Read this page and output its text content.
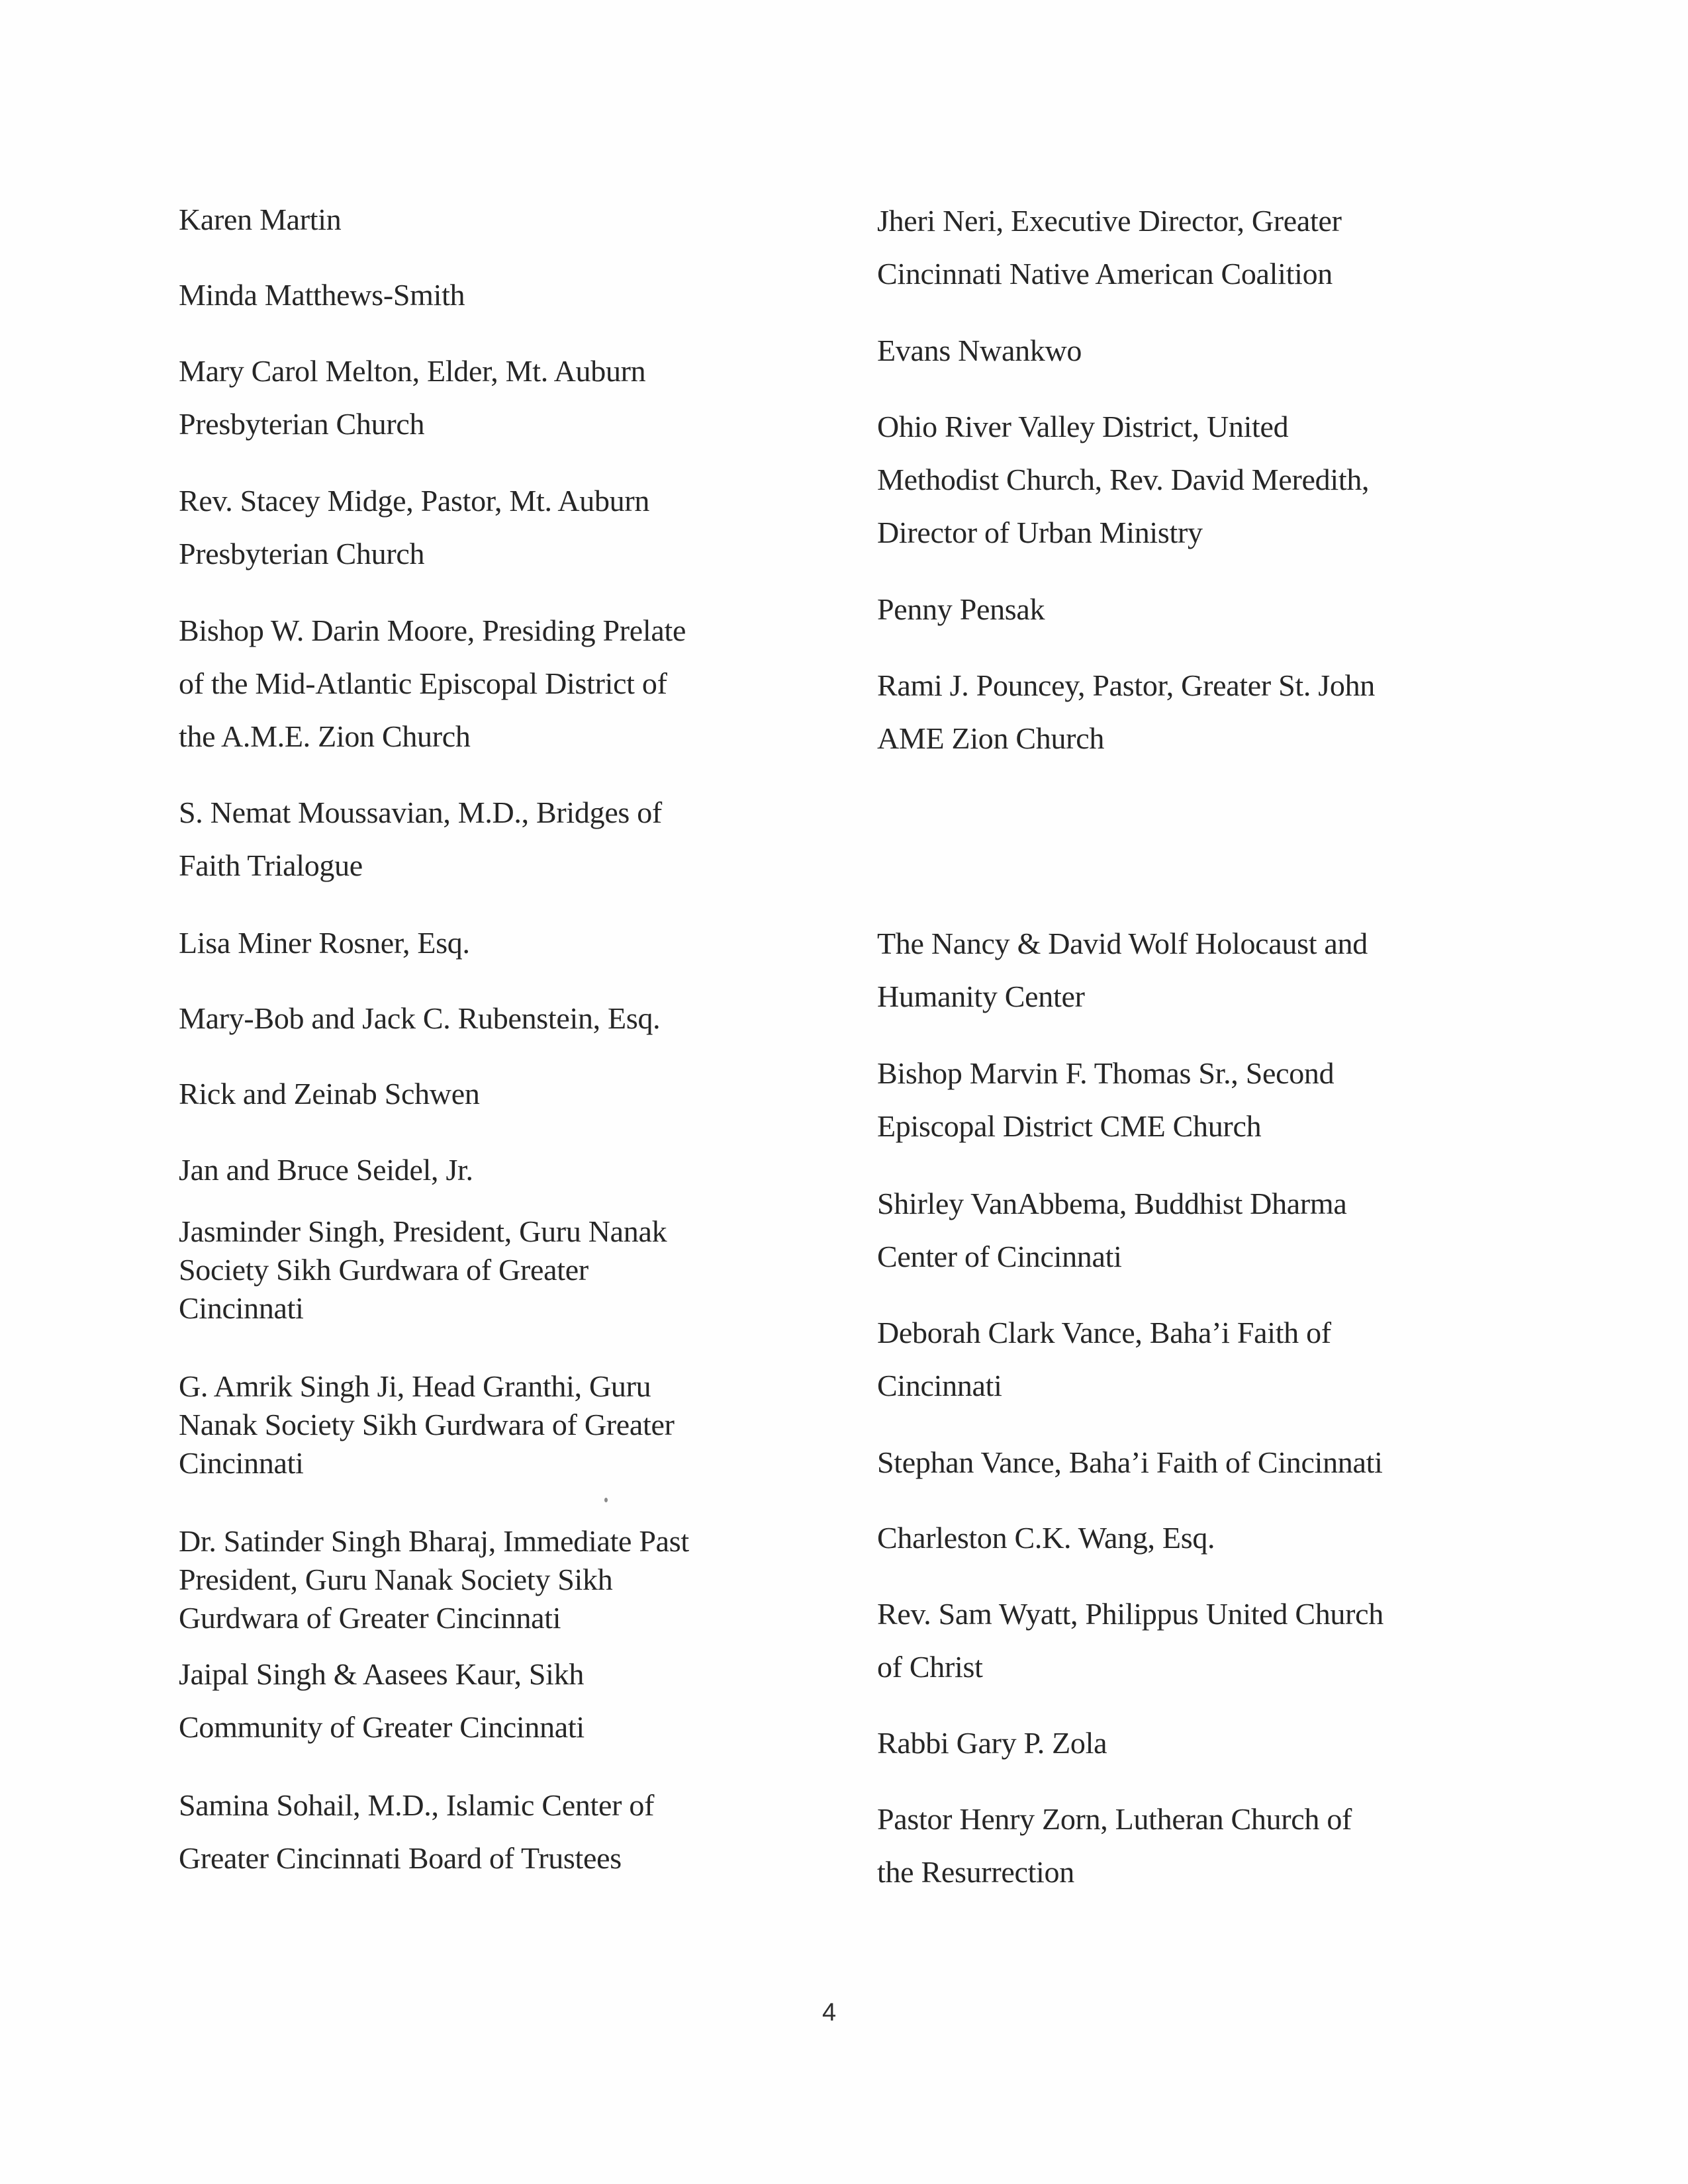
Karen Martin
Minda Matthews-Smith
Mary Carol Melton, Elder, Mt. Auburn
Presbyterian Church
Rev. Stacey Midge, Pastor, Mt. Auburn
Presbyterian Church
Bishop W. Darin Moore, Presiding Prelate
of the Mid-Atlantic Episcopal District of
the A.M.E. Zion Church
S. Nemat Moussavian, M.D., Bridges of
Faith Trialogue
Lisa Miner Rosner, Esq.
Mary-Bob and Jack C. Rubenstein, Esq.
Rick and Zeinab Schwen
Jan and Bruce Seidel, Jr.
Jasminder Singh, President, Guru Nanak
Society Sikh Gurdwara of Greater
Cincinnati
G. Amrik Singh Ji, Head Granthi, Guru
Nanak Society Sikh Gurdwara of Greater
Cincinnati
Dr. Satinder Singh Bharaj, Immediate Past
President, Guru Nanak Society Sikh
Gurdwara of Greater Cincinnati
Jaipal Singh & Aasees Kaur, Sikh
Community of Greater Cincinnati
Samina Sohail, M.D., Islamic Center of
Greater Cincinnati Board of Trustees
Jheri Neri, Executive Director, Greater
Cincinnati Native American Coalition
Evans Nwankwo
Ohio River Valley District, United
Methodist Church, Rev. David Meredith,
Director of Urban Ministry
Penny Pensak
Rami J. Pouncey, Pastor, Greater St. John
AME Zion Church
The Nancy & David Wolf Holocaust and
Humanity Center
Bishop Marvin F. Thomas Sr., Second
Episcopal District CME Church
Shirley VanAbbema, Buddhist Dharma
Center of Cincinnati
Deborah Clark Vance, Baha’i Faith of
Cincinnati
Stephan Vance, Baha’i Faith of Cincinnati
Charleston C.K. Wang, Esq.
Rev. Sam Wyatt, Philippus United Church
of Christ
Rabbi Gary P. Zola
Pastor Henry Zorn, Lutheran Church of
the Resurrection
4
